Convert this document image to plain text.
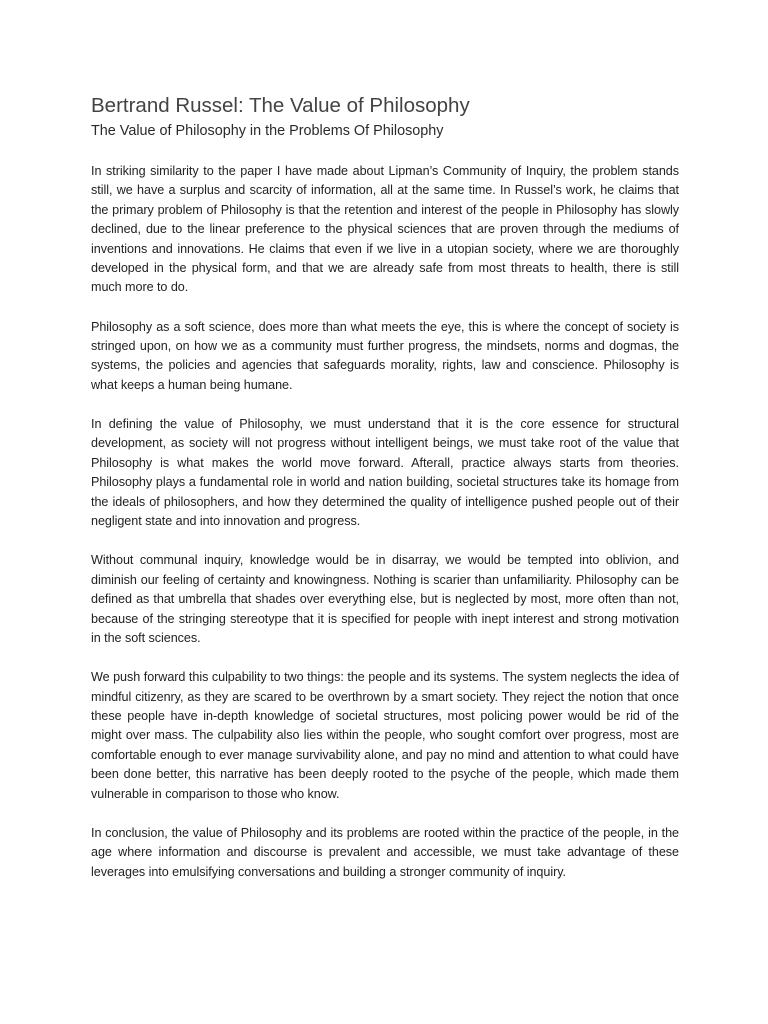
Bertrand Russel: The Value of Philosophy
The Value of Philosophy in the Problems Of Philosophy

In striking similarity to the paper I have made about Lipman’s Community of Inquiry, the problem stands still, we have a surplus and scarcity of information, all at the same time. In Russel’s work, he claims that the primary problem of Philosophy is that the retention and interest of the people in Philosophy has slowly declined, due to the linear preference to the physical sciences that are proven through the mediums of inventions and innovations. He claims that even if we live in a utopian society, where we are thoroughly developed in the physical form, and that we are already safe from most threats to health, there is still much more to do.

Philosophy as a soft science, does more than what meets the eye, this is where the concept of society is stringed upon, on how we as a community must further progress, the mindsets, norms and dogmas, the systems, the policies and agencies that safeguards morality, rights, law and conscience. Philosophy is what keeps a human being humane.

In defining the value of Philosophy, we must understand that it is the core essence for structural development, as society will not progress without intelligent beings, we must take root of the value that Philosophy is what makes the world move forward. Afterall, practice always starts from theories. Philosophy plays a fundamental role in world and nation building, societal structures take its homage from the ideals of philosophers, and how they determined the quality of intelligence pushed people out of their negligent state and into innovation and progress.

Without communal inquiry, knowledge would be in disarray, we would be tempted into oblivion, and diminish our feeling of certainty and knowingness. Nothing is scarier than unfamiliarity. Philosophy can be defined as that umbrella that shades over everything else, but is neglected by most, more often than not, because of the stringing stereotype that it is specified for people with inept interest and strong motivation in the soft sciences.

We push forward this culpability to two things: the people and its systems. The system neglects the idea of mindful citizenry, as they are scared to be overthrown by a smart society. They reject the notion that once these people have in-depth knowledge of societal structures, most policing power would be rid of the might over mass. The culpability also lies within the people, who sought comfort over progress, most are comfortable enough to ever manage survivability alone, and pay no mind and attention to what could have been done better, this narrative has been deeply rooted to the psyche of the people, which made them vulnerable in comparison to those who know.

In conclusion, the value of Philosophy and its problems are rooted within the practice of the people, in the age where information and discourse is prevalent and accessible, we must take advantage of these leverages into emulsifying conversations and building a stronger community of inquiry.
